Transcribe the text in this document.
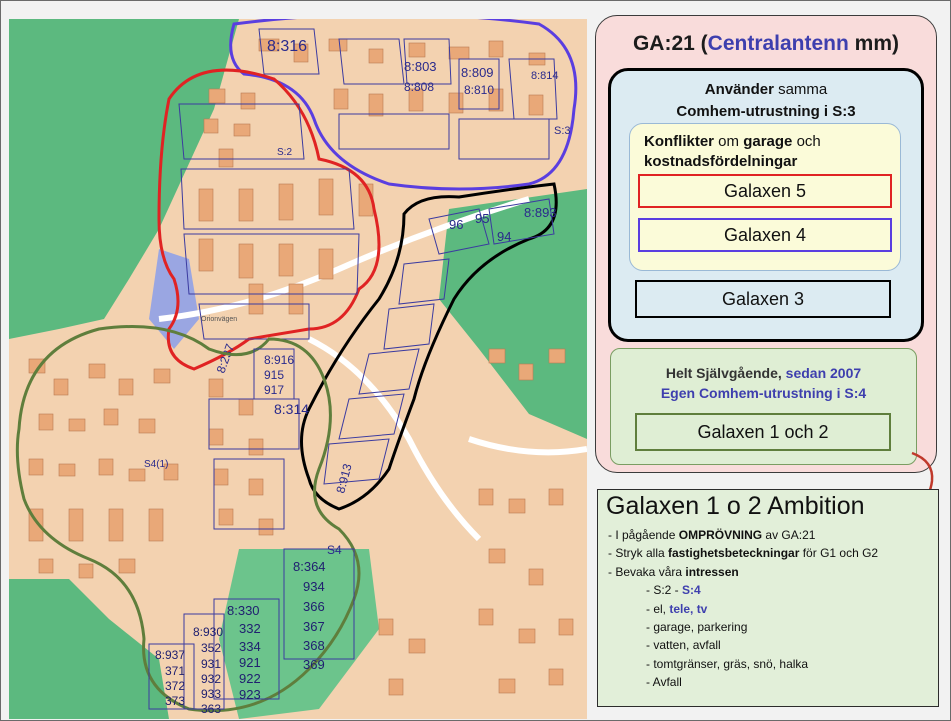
8:316
8:803 8:809	8:814
8:808 8:810
S:3
S:2
8:237
8:893
96 95
94
8:913
8:916
915
917
8:314
S4(1)
S4
8:364
934
366
367
368
369
8:330
332
334
921
922
923
8:930
352
931
932
933
363
8:937
371
372
373
Orionvägen
GA:21 (Centralantenn mm)
Använder samma
Comhem-utrustning i S:3
Konflikter om garage och
kostnadsfördelningar
Galaxen 5
Galaxen 4
Galaxen 3
Helt Självgående, sedan 2007
Egen Comhem-utrustning i S:4
Galaxen 1 och 2
Galaxen 1 o 2 Ambition
- I pågående OMPRÖVNING av GA:21
- Stryk alla fastighetsbeteckningar för G1 och G2
- Bevaka våra intressen
- S:2 - S:4
- el, tele, tv
- garage, parkering
- vatten, avfall
- tomtgränser, gräs, snö, halka
- Avfall
